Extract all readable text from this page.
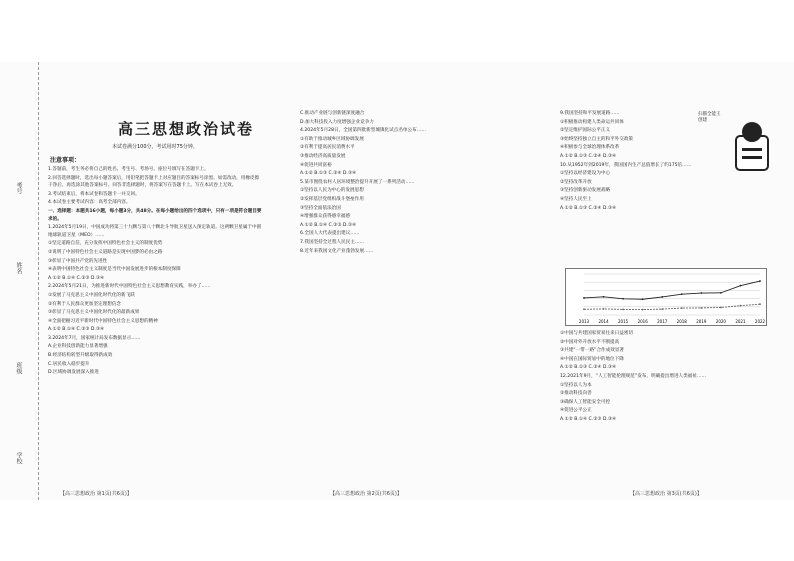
考号
姓名
班级
学校
高三思想政治试卷
本试卷满分100分，考试用时75分钟。
注意事项：

1.答题前，考生务必将自己的姓名、考生号、考场号、座位号填写在答题卡上。

2.回答选择题时，选出每小题答案后，用铅笔把答题卡上对应题目的答案标号涂黑。如需改动，用橡皮擦干净后，再选涂其他答案标号。回答非选择题时，将答案写在答题卡上。写在本试卷上无效。

3.考试结束后，将本试卷和答题卡一并交回。

4.本试卷主要考试内容：高考全部内容。

一、选择题：本题共16小题，每小题3分，共48分。在每小题给出的四个选项中，只有一项是符合题目要求的。

1.2024年5月19日，中国成功将第三十九颗与第八十颗北斗导航卫星送入预定轨道。这两颗卫星属于中圆地球轨道卫星（MEO）……

①坚定道路自信，充分发挥中国特色社会主义的制度优势

②说明了中国特色社会主义道路是实现中国梦的必由之路

③彰显了中国共产党的先进性

④表明中国特色社会主义制度是当代中国发展进步的根本制度保障

A.①② B.①④ C.②③ D.③④

2.2024年5月21日，为推进新时代中国特色社会主义思想教育实践，举办了……

①发展了马克思主义中国化时代化的新飞跃

②有利于人民群众更加坚定理想信念

③彰显了马克思主义中国化时代化的最新成果

④全面把握习近平新时代中国特色社会主义思想的精神

A.①② B.①④ C.②③ D.③④

3.2024年7月，国家统计局发布数据显示……

A.企业科技创新能力显著增强

B.经济结构转型升级取得新成效

C.居民收入稳步提升

D.区域协调发展深入推进

【高三思想政治 第1页(共6页)】

C.推动产业链与创新链深度融合

D.加大科技投入力度增强企业竞争力

4.2024年5月28日，全国第四批新型城镇化试点名单公布……

①有助于推动城乡区域协调发展

②有利于提高居民消费水平

③推动经济高质量发展

④促进共同富裕

A.①② B.①③ C.②④ D.③④

5.某市围绕农村人居环境整治提升开展了一系列活动……

①坚持以人民为中心的发展思想

②发挥基层党组织战斗堡垒作用

③坚持全面依法治国

④增强群众获得感幸福感

A.①② B.①④ C.②③ D.③④

6.全国人大代表提出建议……

7.我国坚持全过程人民民主……

8.近年来我国文化产业蓬勃发展……

【高三思想政治 第2页(共6页)】
扫描全能王 创建

9.我国坚持和平发展道路……

①积极推动构建人类命运共同体

②坚定维护国际公平正义

③始终坚持独立自主的和平外交政策

④积极参与全球治理体系改革

A.①② B.①③ C.②④ D.③④

10.从1952年到2019年，我国国内生产总值增长了约175倍……

①坚持以经济建设为中心

②坚持改革开放

③坚持创新驱动发展战略

④坚持人民至上

A.①② B.①③ C.②④ D.③④

2013 2014 2015 2016 2017 2018 2019 2020 2021 2022

①中国与共建国家贸易往来日益密切

②中国对外开放水平不断提高

③共建“一带一路”合作成效显著

④中国在国际贸易中的地位下降

A.①② B.①③ C.②④ D.③④

12.2021年9月，“人工智能伦理规范”发布，明确提出增进人类福祉……

①坚持以人为本

②推动科技向善

③确保人工智能安全可控

④促进公平公正

A.①② B.①④ C.②③ D.③④

【高三思想政治 第3页(共6页)】
